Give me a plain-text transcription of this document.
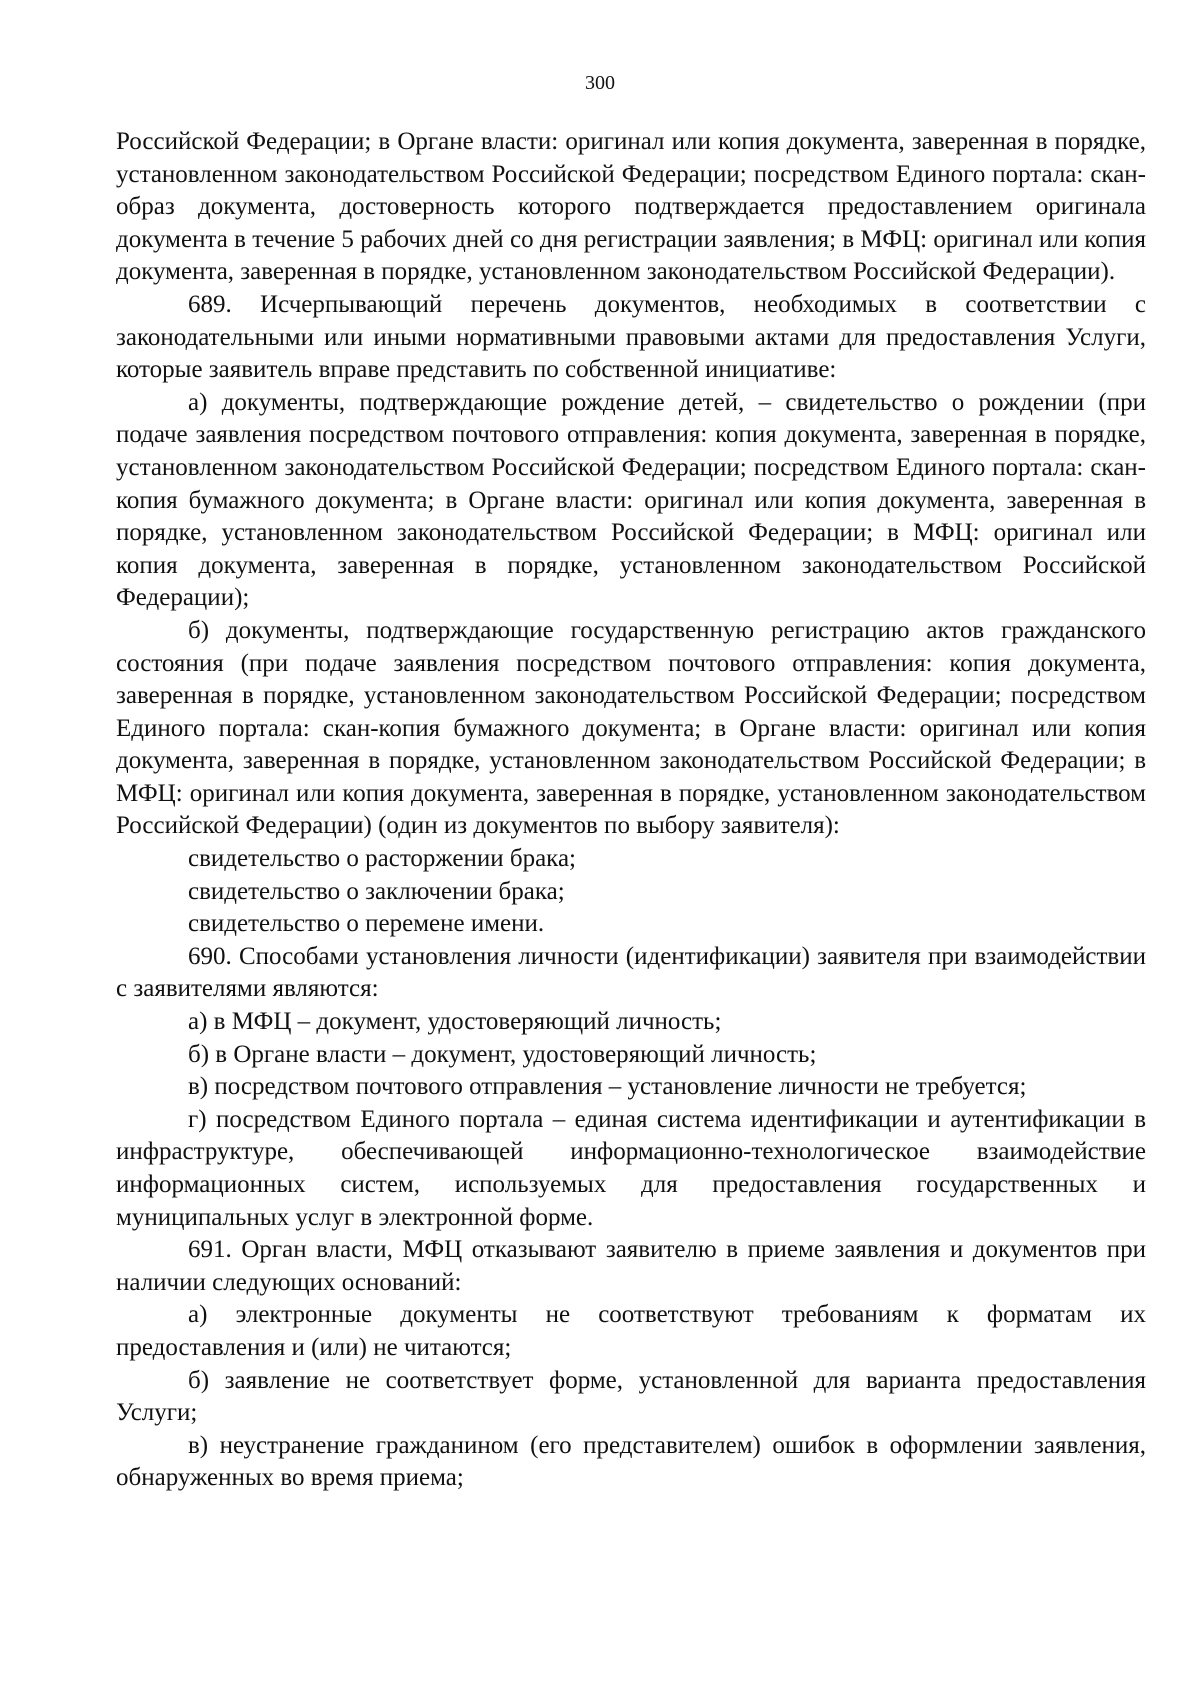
300

Российской Федерации; в Органе власти: оригинал или копия документа, заверенная в порядке, установленном законодательством Российской Федерации; посредством Единого портала: скан-образ документа, достоверность которого подтверждается предоставлением оригинала документа в течение 5 рабочих дней со дня регистрации заявления; в МФЦ: оригинал или копия документа, заверенная в порядке, установленном законодательством Российской Федерации).

689. Исчерпывающий перечень документов, необходимых в соответствии с законодательными или иными нормативными правовыми актами для предоставления Услуги, которые заявитель вправе представить по собственной инициативе:

а) документы, подтверждающие рождение детей, – свидетельство о рождении (при подаче заявления посредством почтового отправления: копия документа, заверенная в порядке, установленном законодательством Российской Федерации; посредством Единого портала: скан-копия бумажного документа; в Органе власти: оригинал или копия документа, заверенная в порядке, установленном законодательством Российской Федерации; в МФЦ: оригинал или копия документа, заверенная в порядке, установленном законодательством Российской Федерации);

б) документы, подтверждающие государственную регистрацию актов гражданского состояния (при подаче заявления посредством почтового отправления: копия документа, заверенная в порядке, установленном законодательством Российской Федерации; посредством Единого портала: скан-копия бумажного документа; в Органе власти: оригинал или копия документа, заверенная в порядке, установленном законодательством Российской Федерации; в МФЦ: оригинал или копия документа, заверенная в порядке, установленном законодательством Российской Федерации) (один из документов по выбору заявителя):

свидетельство о расторжении брака;

свидетельство о заключении брака;

свидетельство о перемене имени.

690. Способами установления личности (идентификации) заявителя при взаимодействии с заявителями являются:

а) в МФЦ – документ, удостоверяющий личность;

б) в Органе власти – документ, удостоверяющий личность;

в) посредством почтового отправления – установление личности не требуется;

г) посредством Единого портала – единая система идентификации и аутентификации в инфраструктуре, обеспечивающей информационно-технологическое взаимодействие информационных систем, используемых для предоставления государственных и муниципальных услуг в электронной форме.

691. Орган власти, МФЦ отказывают заявителю в приеме заявления и документов при наличии следующих оснований:

а) электронные документы не соответствуют требованиям к форматам их предоставления и (или) не читаются;

б) заявление не соответствует форме, установленной для варианта предоставления Услуги;

в) неустранение гражданином (его представителем) ошибок в оформлении заявления, обнаруженных во время приема;
